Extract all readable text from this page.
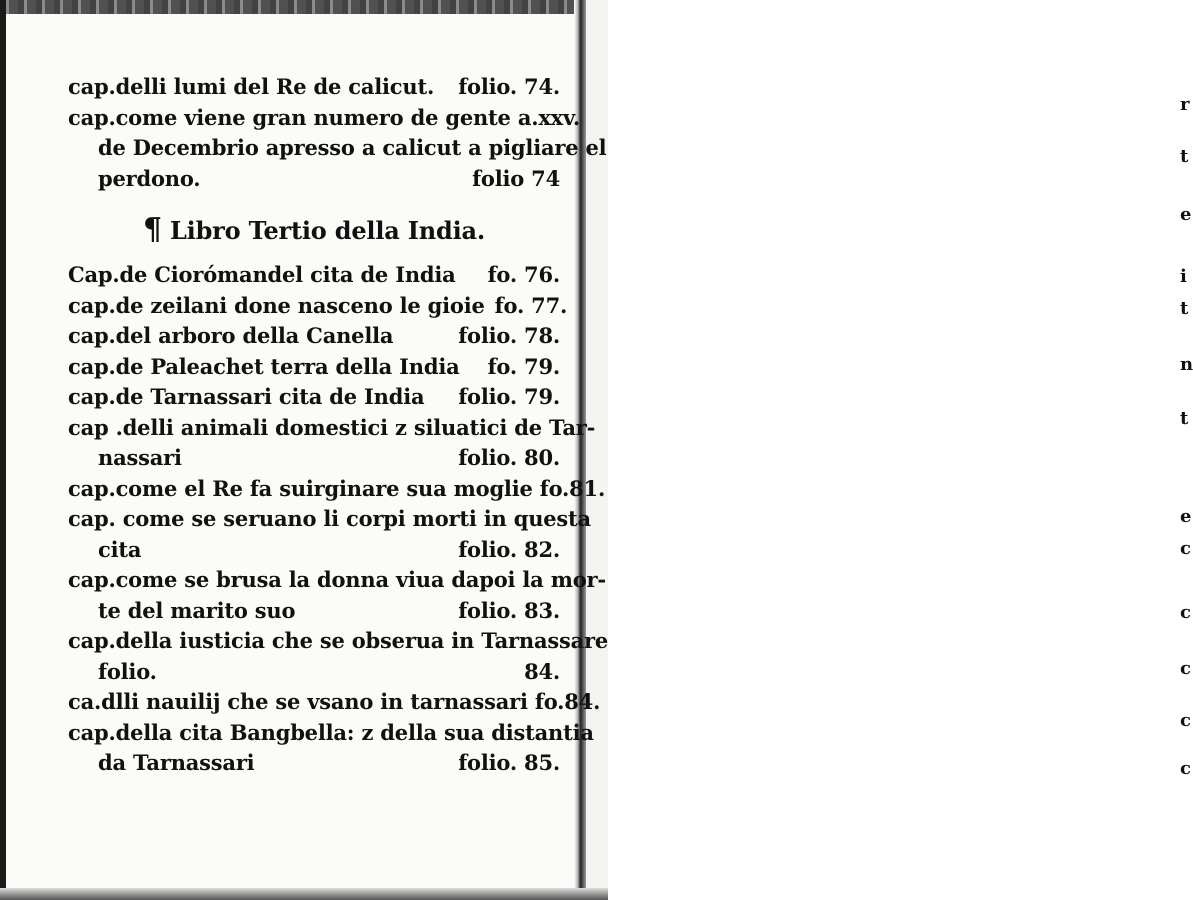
r
t
e
i
t
n
t
e
c
c
c
c
c
cap.delli lumi del Re de calicut.	folio. 74.
cap.come viene gran numero de gente a.xxv.
de Decembrio apresso a calicut a pigliare el
perdono.	folio 74
¶ Libro Tertio della India.
Cap.de Ciorómandel cita de India	fo. 76.
cap.de zeilani done nasceno le gioie fo. 77.
cap.del arboro della Canella	folio. 78.
cap.de Paleachet terra della India	fo. 79.
cap.de Tarnassari cita de India	folio. 79.
cap .delli animali domestici z siluatici de Tar-
nassari	folio. 80.
cap.come el Re fa suirginare sua moglie fo.81.
cap. come se seruano li corpi morti in questa
cita	folio. 82.
cap.come se brusa la donna viua dapoi la mor-
te del marito suo	folio. 83.
cap.della iusticia che se obserua in Tarnassare
folio.	84.
ca.dlli nauilij che se vsano in tarnassari fo.84.
cap.della cita Bangbella: z della sua distantia
da Tarnassari	folio. 85.
